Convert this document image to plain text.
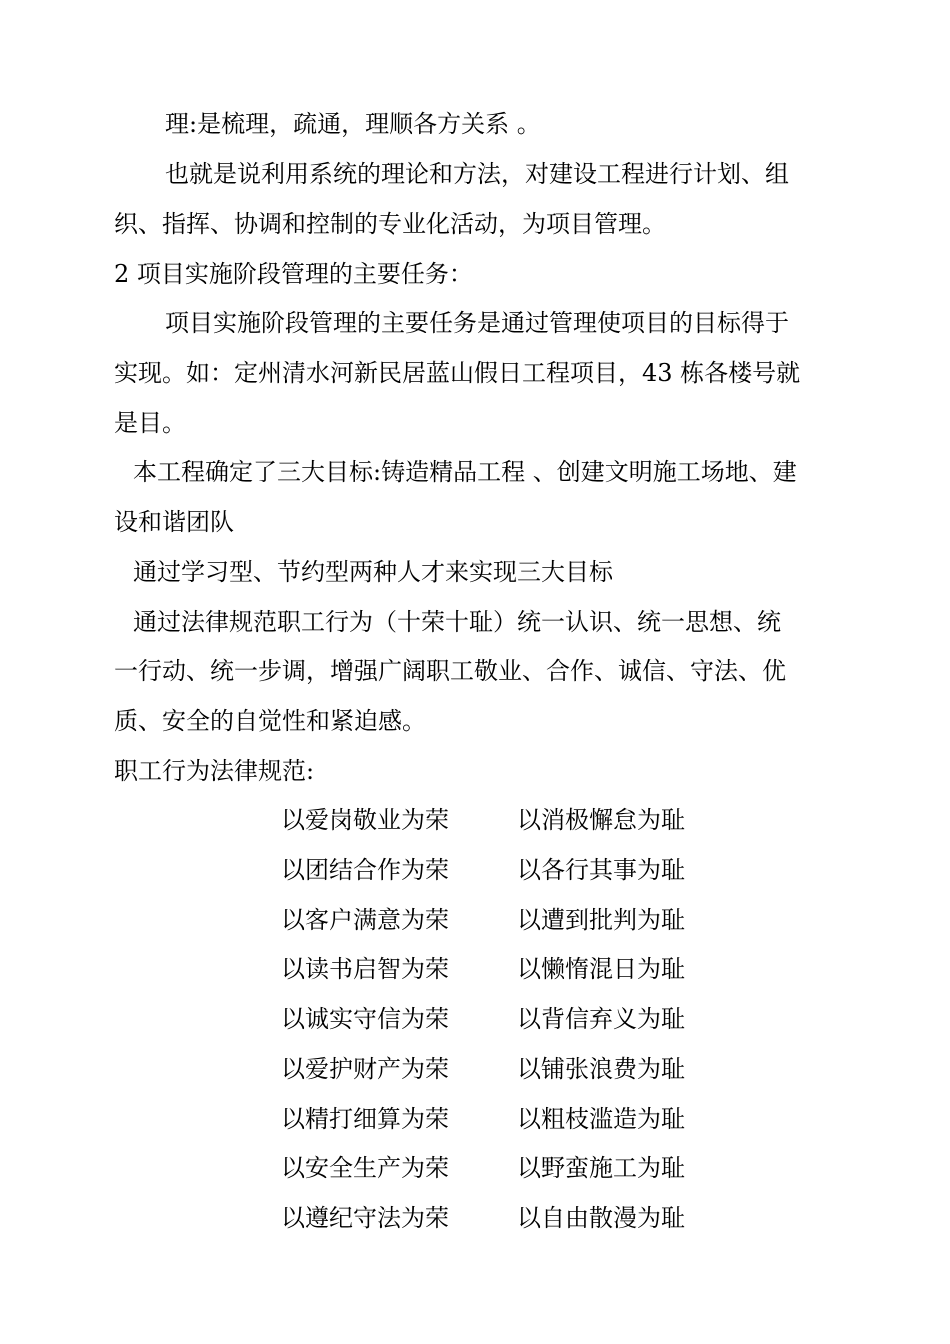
理:是梳理，疏通，理顺各方关系 。
也就是说利用系统的理论和方法，对建设工程进行计划、组
织、指挥、协调和控制的专业化活动，为项目管理。
2 项目实施阶段管理的主要任务：
项目实施阶段管理的主要任务是通过管理使项目的目标得于
实现。如：定州清水河新民居蓝山假日工程项目，43 栋各楼号就
是目。
本工程确定了三大目标:铸造精品工程 、创建文明施工场地、建
设和谐团队
通过学习型、节约型两种人才来实现三大目标
通过法律规范职工行为（十荣十耻）统一认识、统一思想、统
一行动、统一步调，增强广阔职工敬业、合作、诚信、守法、优
质、安全的自觉性和紧迫感。
职工行为法律规范:
以爱岗敬业为荣	以消极懈怠为耻
以团结合作为荣	以各行其事为耻
以客户满意为荣	以遭到批判为耻
以读书启智为荣	以懒惰混日为耻
以诚实守信为荣	以背信弃义为耻
以爱护财产为荣	以铺张浪费为耻
以精打细算为荣	以粗枝滥造为耻
以安全生产为荣	以野蛮施工为耻
以遵纪守法为荣	以自由散漫为耻
